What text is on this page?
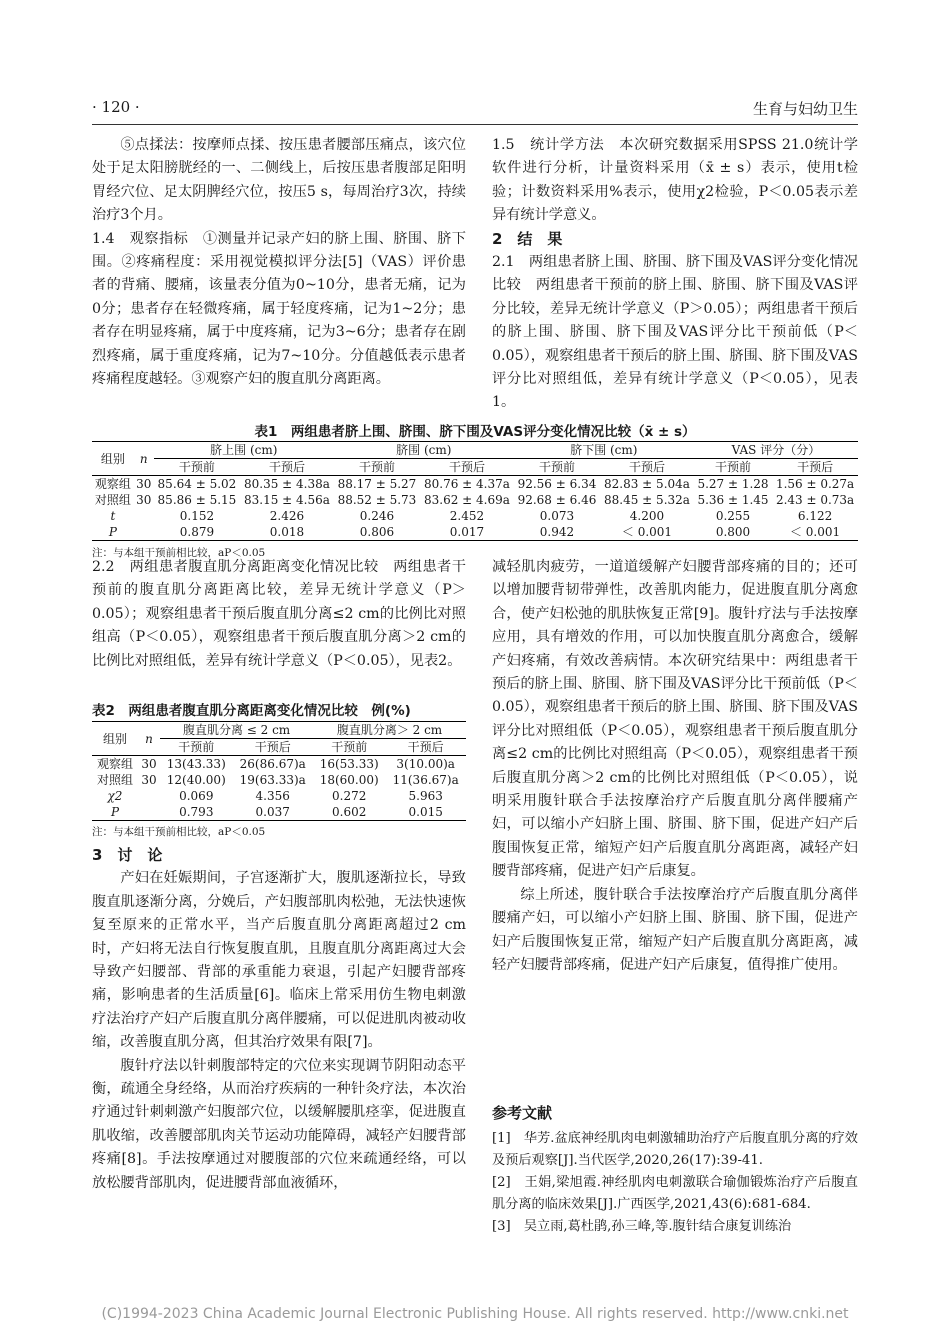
· 120 ·	生育与妇幼卫生

⑤点揉法：按摩师点揉、按压患者腰部压痛点，该穴位处于足太阳膀胱经的一、二侧线上，后按压患者腹部足阳明胃经穴位、足太阴脾经穴位，按压5 s，每周治疗3次，持续治疗3个月。

1.4　观察指标　①测量并记录产妇的脐上围、脐围、脐下围。②疼痛程度：采用视觉模拟评分法[5]（VAS）评价患者的背痛、腰痛，该量表分值为0~10分，患者无痛，记为0分；患者存在轻微疼痛，属于轻度疼痛，记为1~2分；患者存在明显疼痛，属于中度疼痛，记为3~6分；患者存在剧烈疼痛，属于重度疼痛，记为7~10分。分值越低表示患者疼痛程度越轻。③观察产妇的腹直肌分离距离。

1.5　统计学方法　本次研究数据采用SPSS 21.0统计学软件进行分析，计量资料采用（x̄ ± s）表示，使用t检验；计数资料采用%表示，使用χ2检验，P＜0.05表示差异有统计学意义。

2　结　果

2.1　两组患者脐上围、脐围、脐下围及VAS评分变化情况比较　两组患者干预前的脐上围、脐围、脐下围及VAS评分比较，差异无统计学意义（P＞0.05）；两组患者干预后的脐上围、脐围、脐下围及VAS评分比干预前低（P＜0.05），观察组患者干预后的脐上围、脐围、脐下围及VAS评分比对照组低，差异有统计学意义（P＜0.05），见表1。

表1　两组患者脐上围、脐围、脐下围及VAS评分变化情况比较（x̄ ± s）
组别	n	脐上围 (cm)		脐围 (cm)		脐下围 (cm)		VAS 评分（分）	
		干预前	干预后	干预前	干预后	干预前	干预后	干预前	干预后
观察组	30	85.64 ± 5.02	80.35 ± 4.38a	88.17 ± 5.27	80.76 ± 4.37a	92.56 ± 6.34	82.83 ± 5.04a	5.27 ± 1.28	1.56 ± 0.27a
对照组	30	85.86 ± 5.15	83.15 ± 4.56a	88.52 ± 5.73	83.62 ± 4.69a	92.68 ± 6.46	88.45 ± 5.32a	5.36 ± 1.45	2.43 ± 0.73a
t		0.152	2.426	0.246	2.452	0.073	4.200	0.255	6.122
P		0.879	0.018	0.806	0.017	0.942	＜ 0.001	0.800	＜ 0.001
注：与本组干预前相比较，aP＜0.05

2.2　两组患者腹直肌分离距离变化情况比较　两组患者干预前的腹直肌分离距离比较，差异无统计学意义（P＞0.05）；观察组患者干预后腹直肌分离≤2 cm的比例比对照组高（P＜0.05），观察组患者干预后腹直肌分离＞2 cm的比例比对照组低，差异有统计学意义（P＜0.05），见表2。

表2　两组患者腹直肌分离距离变化情况比较　例(%)
组别	n	腹直肌分离 ≤ 2 cm		腹直肌分离＞ 2 cm	
		干预前	干预后	干预前	干预后
观察组	30	13(43.33)	26(86.67)a	16(53.33)	3(10.00)a
对照组	30	12(40.00)	19(63.33)a	18(60.00)	11(36.67)a
χ2		0.069	4.356	0.272	5.963
P		0.793	0.037	0.602	0.015
注：与本组干预前相比较，aP＜0.05

3　讨　论

产妇在妊娠期间，子宫逐渐扩大，腹肌逐渐拉长，导致腹直肌逐渐分离，分娩后，产妇腹部肌肉松弛，无法快速恢复至原来的正常水平，当产后腹直肌分离距离超过2 cm时，产妇将无法自行恢复腹直肌，且腹直肌分离距离过大会导致产妇腰部、背部的承重能力衰退，引起产妇腰背部疼痛，影响患者的生活质量[6]。临床上常采用仿生物电刺激疗法治疗产妇产后腹直肌分离伴腰痛，可以促进肌肉被动收缩，改善腹直肌分离，但其治疗效果有限[7]。

腹针疗法以针刺腹部特定的穴位来实现调节阴阳动态平衡，疏通全身经络，从而治疗疾病的一种针灸疗法，本次治疗通过针刺刺激产妇腹部穴位，以缓解腰肌痉挛，促进腹直肌收缩，改善腰部肌肉关节运动功能障碍，减轻产妇腰背部疼痛[8]。手法按摩通过对腰腹部的穴位来疏通经络，可以放松腰背部肌肉，促进腰背部血液循环，

减轻肌肉疲劳，一道道缓解产妇腰背部疼痛的目的；还可以增加腰背韧带弹性，改善肌肉能力，促进腹直肌分离愈合，使产妇松弛的肌肤恢复正常[9]。腹针疗法与手法按摩应用，具有增效的作用，可以加快腹直肌分离愈合，缓解产妇疼痛，有效改善病情。本次研究结果中：两组患者干预后的脐上围、脐围、脐下围及VAS评分比干预前低（P＜0.05），观察组患者干预后的脐上围、脐围、脐下围及VAS评分比对照组低（P＜0.05），观察组患者干预后腹直肌分离≤2 cm的比例比对照组高（P＜0.05），观察组患者干预后腹直肌分离＞2 cm的比例比对照组低（P＜0.05），说明采用腹针联合手法按摩治疗产后腹直肌分离伴腰痛产妇，可以缩小产妇脐上围、脐围、脐下围，促进产妇产后腹围恢复正常，缩短产妇产后腹直肌分离距离，减轻产妇腰背部疼痛，促进产妇产后康复。

综上所述，腹针联合手法按摩治疗产后腹直肌分离伴腰痛产妇，可以缩小产妇脐上围、脐围、脐下围，促进产妇产后腹围恢复正常，缩短产妇产后腹直肌分离距离，减轻产妇腰背部疼痛，促进产妇产后康复，值得推广使用。

参考文献

[1]　华芳.盆底神经肌肉电刺激辅助治疗产后腹直肌分离的疗效及预后观察[J].当代医学,2020,26(17):39-41.

[2]　王娟,梁旭霞.神经肌肉电刺激联合瑜伽锻炼治疗产后腹直肌分离的临床效果[J].广西医学,2021,43(6):681-684.

[3]　吴立雨,葛杜鹃,孙三峰,等.腹针结合康复训练治

(C)1994-2023 China Academic Journal Electronic Publishing House. All rights reserved. http://www.cnki.net
